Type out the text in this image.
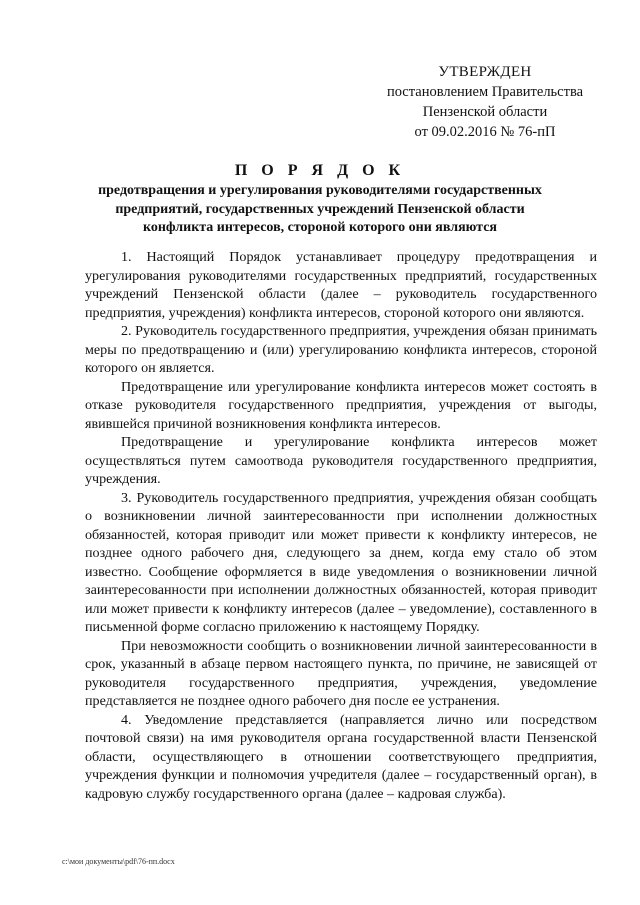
УТВЕРЖДЕН
постановлением Правительства
Пензенской области
от 09.02.2016 № 76-пП
П О Р Я Д О К

предотвращения и урегулирования руководителями государственных

предприятий, государственных учреждений Пензенской области

конфликта интересов, стороной которого они являются

1. Настоящий Порядок устанавливает процедуру предотвращения и урегулирования руководителями государственных предприятий, государственных учреждений Пензенской области (далее – руководитель государственного предприятия, учреждения) конфликта интересов, стороной которого они являются.

2. Руководитель государственного предприятия, учреждения обязан принимать меры по предотвращению и (или) урегулированию конфликта интересов, стороной которого он является.

Предотвращение или урегулирование конфликта интересов может состоять в отказе руководителя государственного предприятия, учреждения от выгоды, явившейся причиной возникновения конфликта интересов.

Предотвращение и урегулирование конфликта интересов может осуществляться путем самоотвода руководителя государственного предприятия, учреждения.

3. Руководитель государственного предприятия, учреждения обязан сообщать о возникновении личной заинтересованности при исполнении должностных обязанностей, которая приводит или может привести к конфликту интересов, не позднее одного рабочего дня, следующего за днем, когда ему стало об этом известно. Сообщение оформляется в виде уведомления о возникновении личной заинтересованности при исполнении должностных обязанностей, которая приводит или может привести к конфликту интересов (далее – уведомление), составленного в письменной форме согласно приложению к настоящему Порядку.

При невозможности сообщить о возникновении личной заинтересованности в срок, указанный в абзаце первом настоящего пункта, по причине, не зависящей от руководителя государственного предприятия, учреждения, уведомление представляется не позднее одного рабочего дня после ее устранения.

4. Уведомление представляется (направляется лично или посредством почтовой связи) на имя руководителя органа государственной власти Пензенской области, осуществляющего в отношении соответствующего предприятия, учреждения функции и полномочия учредителя (далее – государственный орган), в кадровую службу государственного органа (далее – кадровая служба).

c:\мои документы\pdf\76-пп.docx
